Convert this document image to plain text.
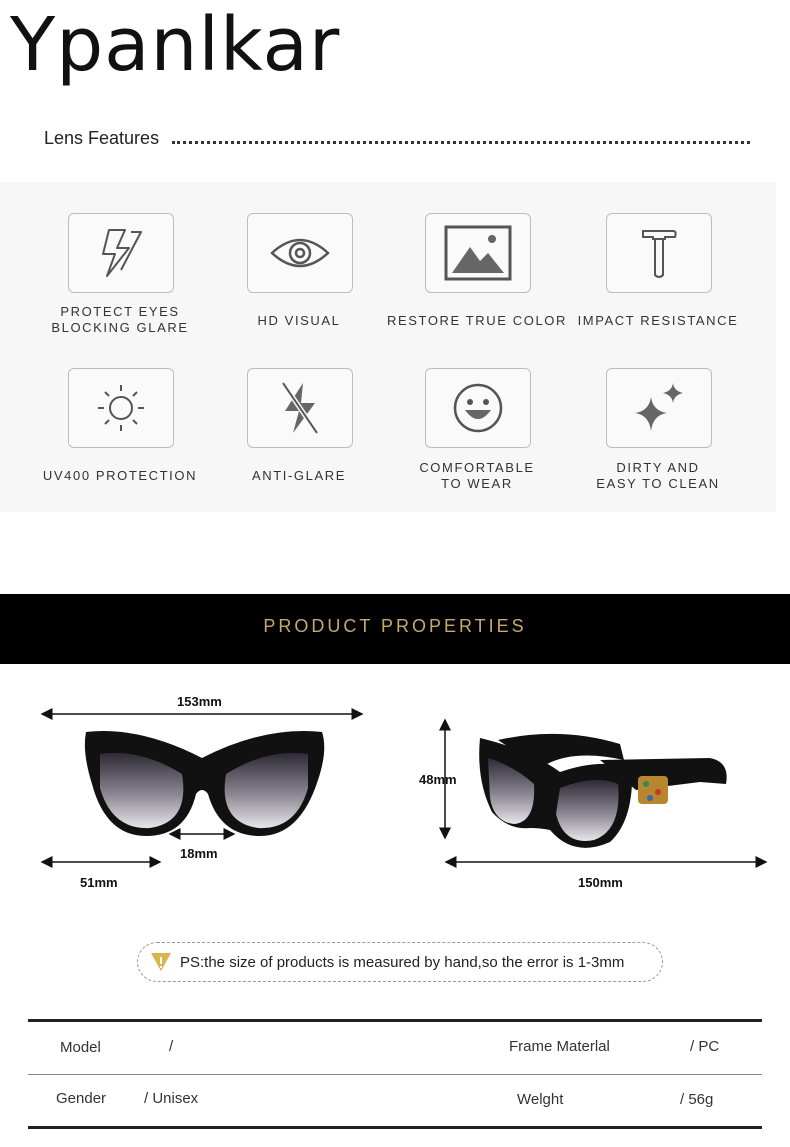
Ypanlkar
Lens Features
PROTECT EYES
BLOCKING GLARE	HD VISUAL	RESTORE TRUE COLOR IMPACT RESISTANCE
UV400 PROTECTION	ANTI-GLARE
COMFORTABLE
TO WEAR
DIRTY AND
EASY TO CLEAN
PRODUCT PROPERTIES
153mm
18mm
51mm
48mm
150mm
PS:the size of products is measured by hand,so the error is 1-3mm
Model	/	Frame Materlal	/ PC
Gender	/ Unisex	Welght	/ 56g
